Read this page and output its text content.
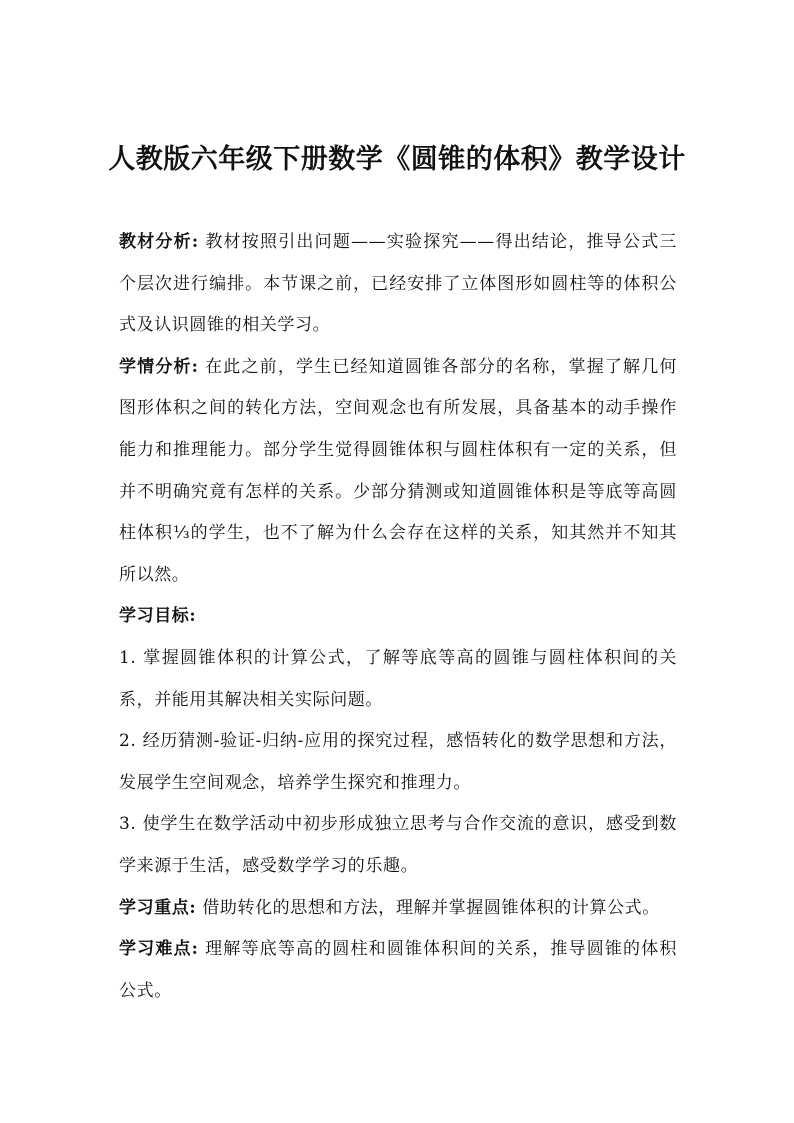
人教版六年级下册数学《圆锥的体积》教学设计

教材分析: 教材按照引出问题——实验探究——得出结论，推导公式三个层次进行编排。本节课之前，已经安排了立体图形如圆柱等的体积公式及认识圆锥的相关学习。

学情分析: 在此之前，学生已经知道圆锥各部分的名称，掌握了解几何图形体积之间的转化方法，空间观念也有所发展，具备基本的动手操作能力和推理能力。部分学生觉得圆锥体积与圆柱体积有一定的关系，但并不明确究竟有怎样的关系。少部分猜测或知道圆锥体积是等底等高圆柱体积⅓的学生，也不了解为什么会存在这样的关系，知其然并不知其所以然。

学习目标:

1. 掌握圆锥体积的计算公式，了解等底等高的圆锥与圆柱体积间的关系，并能用其解决相关实际问题。

2. 经历猜测-验证-归纳-应用的探究过程，感悟转化的数学思想和方法，发展学生空间观念，培养学生探究和推理力。

3. 使学生在数学活动中初步形成独立思考与合作交流的意识，感受到数学来源于生活，感受数学学习的乐趣。

学习重点: 借助转化的思想和方法，理解并掌握圆锥体积的计算公式。

学习难点: 理解等底等高的圆柱和圆锥体积间的关系，推导圆锥的体积公式。
